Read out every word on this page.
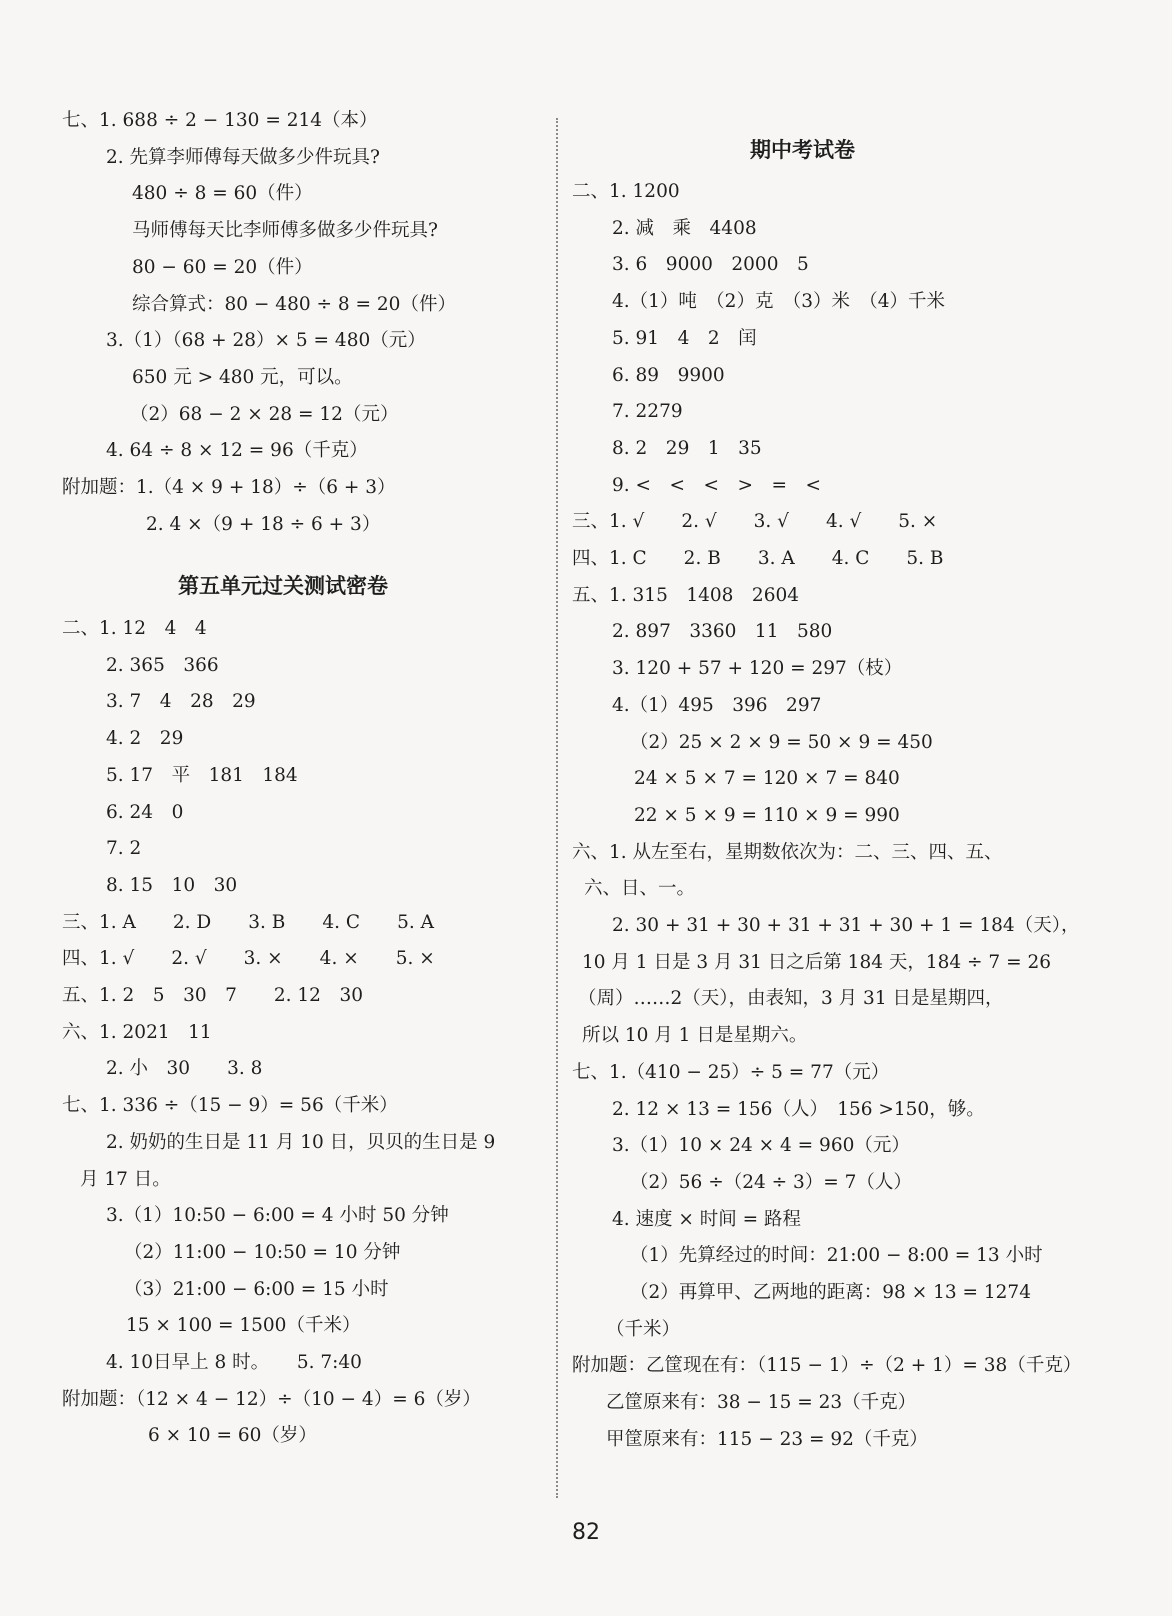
七、1. 688 ÷ 2 − 130 = 214（本）
2. 先算李师傅每天做多少件玩具?
480 ÷ 8 = 60（件）
马师傅每天比李师傅多做多少件玩具?
80 − 60 = 20（件）
综合算式：80 − 480 ÷ 8 = 20（件）
3.（1）（68 + 28）× 5 = 480（元）
650 元 > 480 元，可以。
（2）68 − 2 × 28 = 12（元）
4. 64 ÷ 8 × 12 = 96（千克）
附加题：1.（4 × 9 + 18）÷（6 + 3）
2. 4 ×（9 + 18 ÷ 6 + 3）
第五单元过关测试密卷
二、1. 12　4　4
2. 365　366
3. 7　4　28　29
4. 2　29
5. 17　平　181　184
6. 24　0
7. 2
8. 15　10　30
三、1. A　　2. D　　3. B　　4. C　　5. A
四、1. √　　2. √　　3. ×　　4. ×　　5. ×
五、1. 2　5　30　7　　2. 12　30
六、1. 2021　11
2. 小　30　　3. 8
七、1. 336 ÷（15 − 9）= 56（千米）
2. 奶奶的生日是 11 月 10 日，贝贝的生日是 9
月 17 日。
3.（1）10:50 − 6:00 = 4 小时 50 分钟
（2）11:00 − 10:50 = 10 分钟
（3）21:00 − 6:00 = 15 小时
15 × 100 = 1500（千米）
4. 10日早上 8 时。　　5. 7:40
附加题：（12 × 4 − 12）÷（10 − 4）= 6（岁）
6 × 10 = 60（岁）
期中考试卷
二、1. 1200
2. 减　乘　4408
3. 6　9000　2000　5
4.（1）吨　（2）克　（3）米　（4）千米
5. 91　4　2　闰
6. 89　9900
7. 2279
8. 2　29　1　35
9. <　<　<　>　=　<
三、1. √　　2. √　　3. √　　4. √　　5. ×
四、1. C　　2. B　　3. A　　4. C　　5. B
五、1. 315　1408　2604
2. 897　3360　11　580
3. 120 + 57 + 120 = 297（枝）
4.（1）495　396　297
（2）25 × 2 × 9 = 50 × 9 = 450
24 × 5 × 7 = 120 × 7 = 840
22 × 5 × 9 = 110 × 9 = 990
六、1. 从左至右，星期数依次为：二、三、四、五、
六、日、一。
2. 30 + 31 + 30 + 31 + 31 + 30 + 1 = 184（天），
10 月 1 日是 3 月 31 日之后第 184 天，184 ÷ 7 = 26
（周）……2（天），由表知，3 月 31 日是星期四，
所以 10 月 1 日是星期六。
七、1.（410 − 25）÷ 5 = 77（元）
2. 12 × 13 = 156（人）　156 >150，够。
3.（1）10 × 24 × 4 = 960（元）
（2）56 ÷（24 ÷ 3）= 7（人）
4. 速度 × 时间 = 路程
（1）先算经过的时间：21:00 − 8:00 = 13 小时
（2）再算甲、乙两地的距离：98 × 13 = 1274
（千米）
附加题：乙筐现在有：（115 − 1）÷（2 + 1）= 38（千克）
乙筐原来有：38 − 15 = 23（千克）
甲筐原来有：115 − 23 = 92（千克）
82
